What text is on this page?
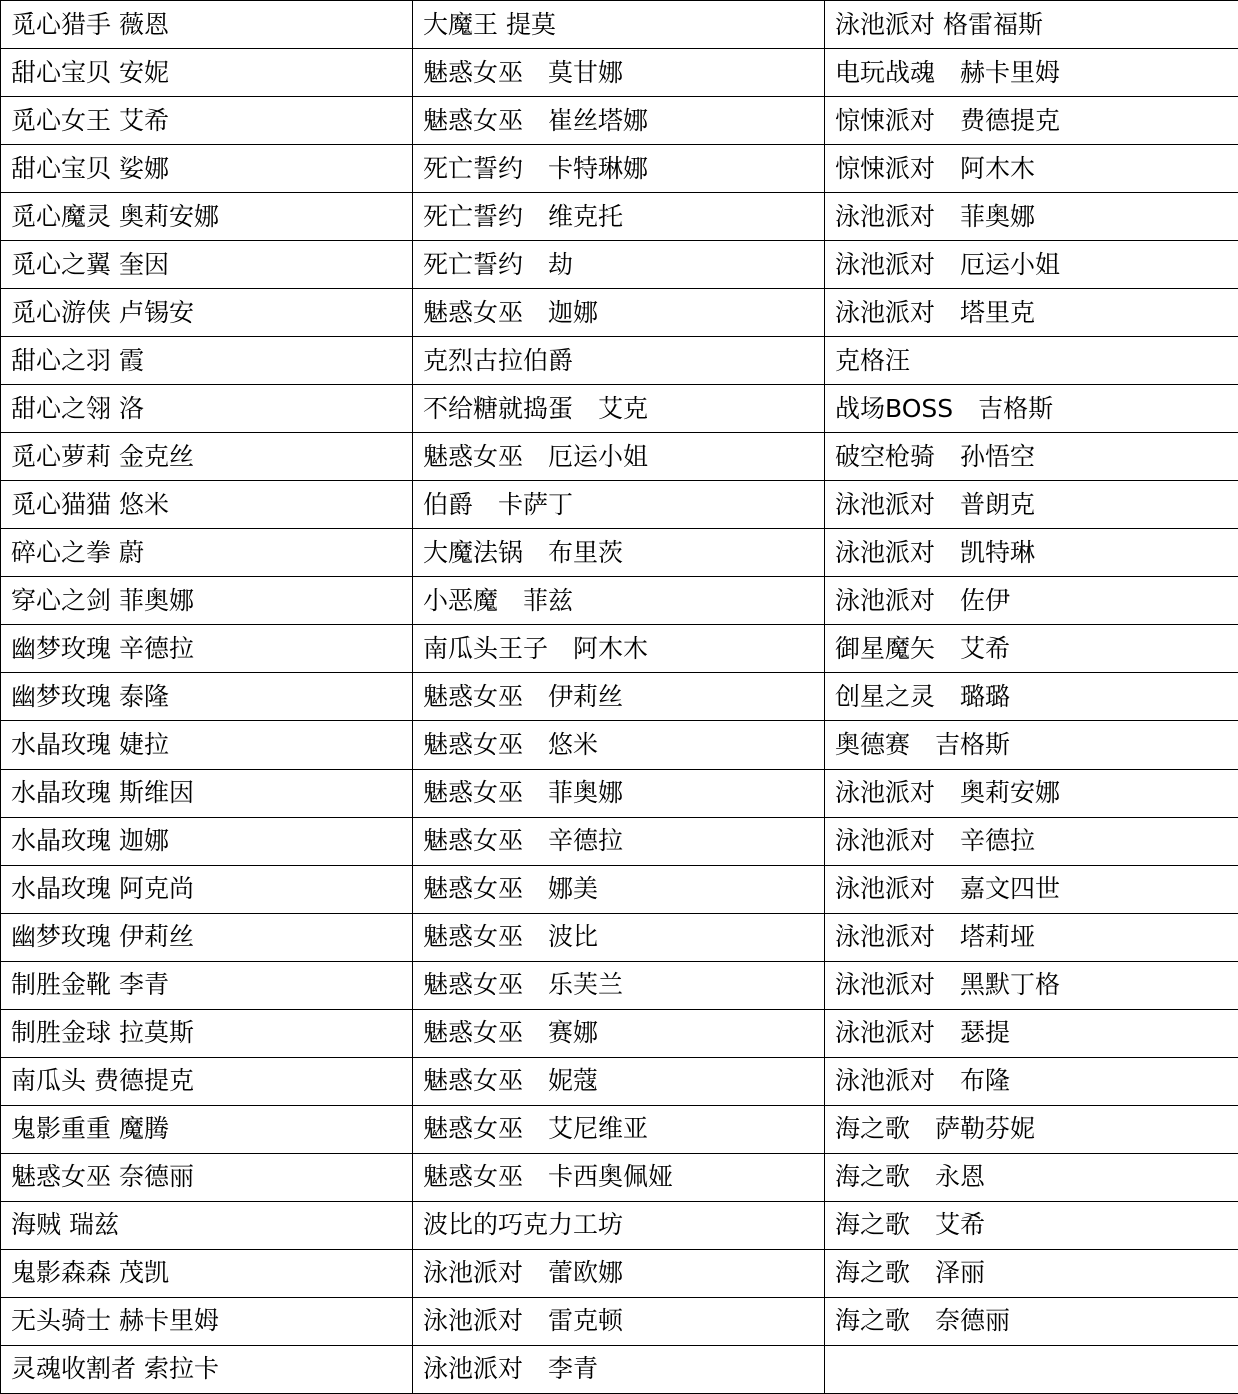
觅心猎手 薇恩	大魔王 提莫	泳池派对 格雷福斯
甜心宝贝 安妮	魅惑女巫　莫甘娜	电玩战魂　赫卡里姆
觅心女王 艾希	魅惑女巫　崔丝塔娜	惊悚派对　费德提克
甜心宝贝 娑娜	死亡誓约　卡特琳娜	惊悚派对　阿木木
觅心魔灵 奥莉安娜	死亡誓约　维克托	泳池派对　菲奥娜
觅心之翼 奎因	死亡誓约　劫	泳池派对　厄运小姐
觅心游侠 卢锡安	魅惑女巫　迦娜	泳池派对　塔里克
甜心之羽 霞	克烈古拉伯爵	克格汪
甜心之翎 洛	不给糖就捣蛋　艾克	战场BOSS　吉格斯
觅心萝莉 金克丝	魅惑女巫　厄运小姐	破空枪骑　孙悟空
觅心猫猫 悠米	伯爵　卡萨丁	泳池派对　普朗克
碎心之拳 蔚	大魔法锅　布里茨	泳池派对　凯特琳
穿心之剑 菲奥娜	小恶魔　菲兹	泳池派对　佐伊
幽梦玫瑰 辛德拉	南瓜头王子　阿木木	御星魔矢　艾希
幽梦玫瑰 泰隆	魅惑女巫　伊莉丝	创星之灵　璐璐
水晶玫瑰 婕拉	魅惑女巫　悠米	奥德赛　吉格斯
水晶玫瑰 斯维因	魅惑女巫　菲奥娜	泳池派对　奥莉安娜
水晶玫瑰 迦娜	魅惑女巫　辛德拉	泳池派对　辛德拉
水晶玫瑰 阿克尚	魅惑女巫　娜美	泳池派对　嘉文四世
幽梦玫瑰 伊莉丝	魅惑女巫　波比	泳池派对　塔莉垭
制胜金靴 李青	魅惑女巫　乐芙兰	泳池派对　黑默丁格
制胜金球 拉莫斯	魅惑女巫　赛娜	泳池派对　瑟提
南瓜头 费德提克	魅惑女巫　妮蔻	泳池派对　布隆
鬼影重重 魔腾	魅惑女巫　艾尼维亚	海之歌　萨勒芬妮
魅惑女巫 奈德丽	魅惑女巫　卡西奥佩娅	海之歌　永恩
海贼 瑞兹	波比的巧克力工坊	海之歌　艾希
鬼影森森 茂凯	泳池派对　蕾欧娜	海之歌　泽丽
无头骑士 赫卡里姆	泳池派对　雷克顿	海之歌　奈德丽
灵魂收割者 索拉卡	泳池派对　李青	
